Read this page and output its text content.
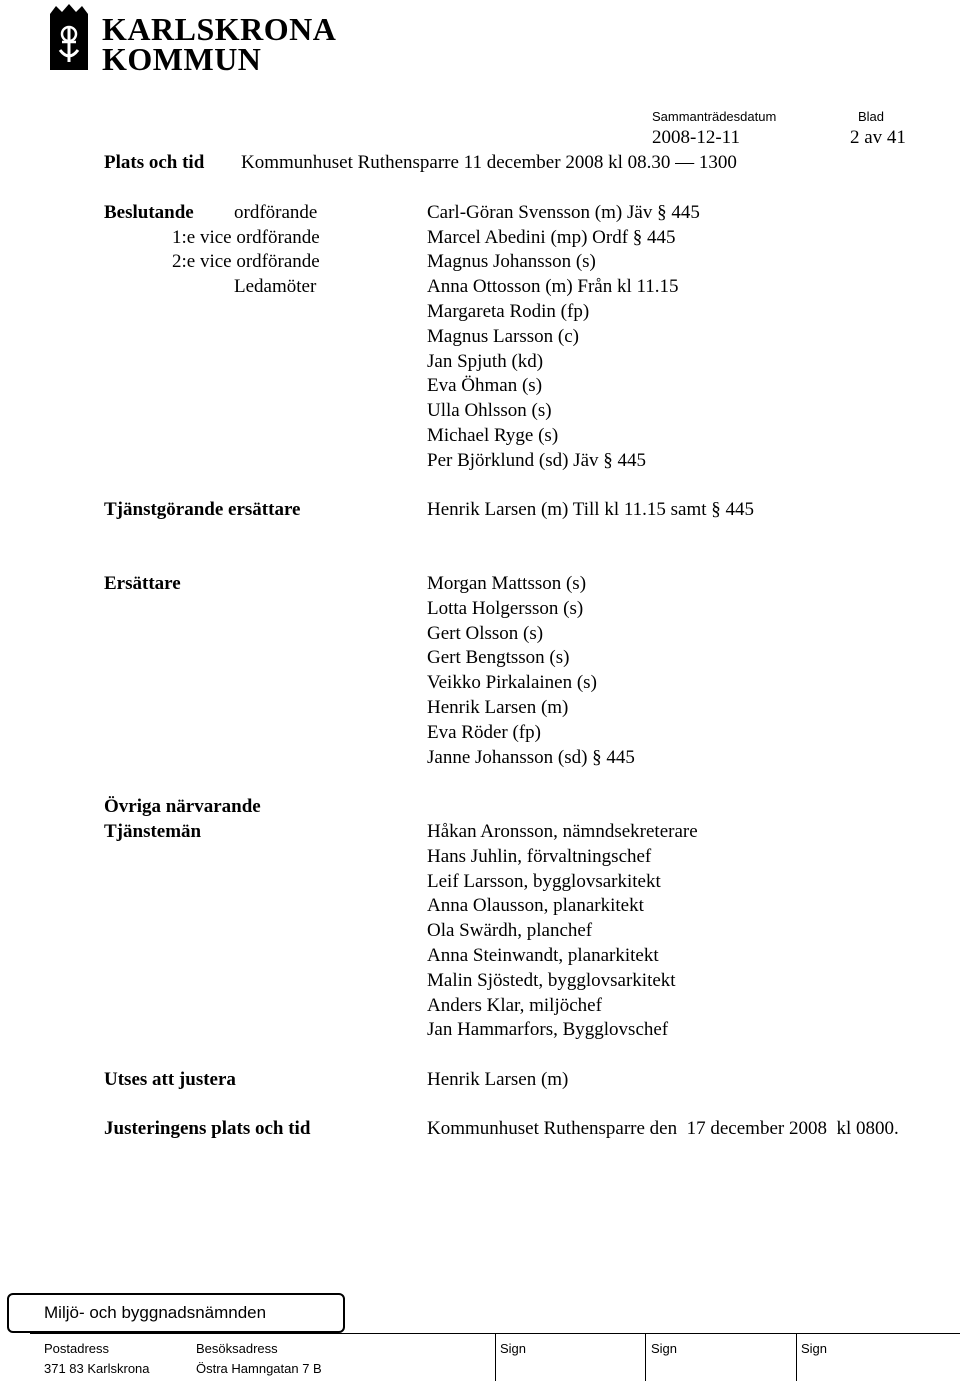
KARLSKRONA
KOMMUN
Sammanträdesdatum	Blad
2008-12-11	2 av 41
Plats och tid Kommunhuset Ruthensparre 11 december 2008 kl 08.30 — 1300
Beslutande ordförande	Carl-Göran Svensson (m) Jäv § 445
1:e vice ordförande	Marcel Abedini (mp) Ordf § 445
2:e vice ordförande	Magnus Johansson (s)
Ledamöter	Anna Ottosson (m) Från kl 11.15
Margareta Rodin (fp)
Magnus Larsson (c)
Jan Spjuth (kd)
Eva Öhman (s)
Ulla Ohlsson (s)
Michael Ryge (s)
Per Björklund (sd) Jäv § 445
Tjänstgörande ersättare	Henrik Larsen (m) Till kl 11.15 samt § 445
Ersättare	Morgan Mattsson (s)
Lotta Holgersson (s)
Gert Olsson (s)
Gert Bengtsson (s)
Veikko Pirkalainen (s)
Henrik Larsen (m)
Eva Röder (fp)
Janne Johansson (sd) § 445
Övriga närvarande
Tjänstemän	Håkan Aronsson, nämndsekreterare
Hans Juhlin, förvaltningschef
Leif Larsson, bygglovsarkitekt
Anna Olausson, planarkitekt
Ola Swärdh, planchef
Anna Steinwandt, planarkitekt
Malin Sjöstedt, bygglovsarkitekt
Anders Klar, miljöchef
Jan Hammarfors, Bygglovschef
Utses att justera	Henrik Larsen (m)
Justeringens plats och tid	Kommunhuset Ruthensparre den  17 december 2008  kl 0800.
Miljö- och byggnadsnämnden
Postadress
371 83 Karlskrona
Besöksadress
Östra Hamngatan 7 B
Sign	Sign	Sign
